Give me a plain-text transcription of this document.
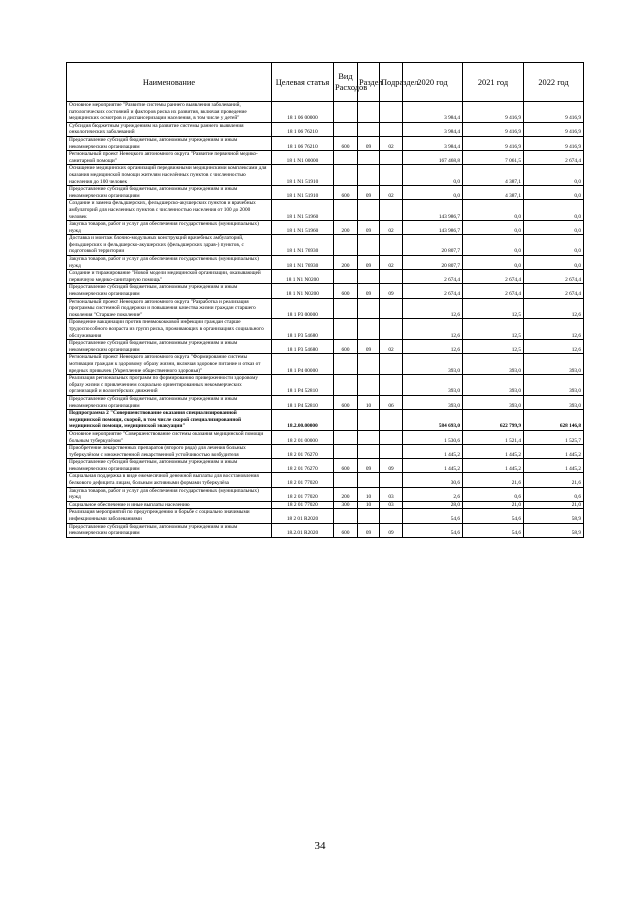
Наименование	Целевая статья	Вид Расходов	Раздел	Подраздел	2020 год	2021 год	2022 год
Основное мероприятие "Развитие системы раннего выявления заболеваний, патологических состояний и факторов риска их развития, включая проведение медицинских осмотров и диспансеризации населения, в том числе у детей"	18 1 06 00000				3 984,4	9 416,9	9 416,9
Субсидия бюджетным учреждениям на развитие системы раннего выявления онкологических заболеваний	18 1 06 76210				3 984,4	9 416,9	9 416,9
Предоставление субсидий бюджетным, автономным учреждениям и иным некоммерческим организациям	18 1 06 76210	600	09	02	3 984,4	9 416,9	9 416,9
Региональный проект Ненецкого автономного округа "Развитие первичной медико-санитарной помощи"	18 1 N1 00000				167 468,8	7 061,5	2 674,4
Оснащение медицинских организаций передвижными медицинскими комплексами для оказания медицинской помощи жителям населённых пунктов с численностью населения до 100 человек	18 1 N1 51910				0,0	4 387,1	0,0
Предоставление субсидий бюджетным, автономным учреждениям и иным некоммерческим организациям	18 1 N1 51910	600	09	02	0,0	4 387,1	0,0
Создание и замена фельдшерских, фельдшерско-акушерских пунктов и врачебных амбулаторий для населенных пунктов с численностью населения от 100 до 2000 человек	18 1 N1 51960				143 986,7	0,0	0,0
Закупка товаров, работ и услуг для обеспечения государственных (муниципальных) нужд	18 1 N1 51960	200	09	02	143 986,7	0,0	0,0
Доставка и монтаж блочно-модульных конструкций врачебных амбулаторий, фельдшерских и фельдшерско-акушерских (фельдшерских здрав-) пунктов, с подготовкой территории	18 1 N1 76930				20 807,7	0,0	0,0
Закупка товаров, работ и услуг для обеспечения государственных (муниципальных) нужд	18 1 N1 76930	200	09	02	20 807,7	0,0	0,0
Создание и тиражирование "Новой модели медицинской организации, оказывающей первичную медико-санитарную помощь"	18 1 N1 N0200				2 674,4	2 674,4	2 674,4
Предоставление субсидий бюджетным, автономным учреждениям и иным некоммерческим организациям	18 1 N1 N0200	600	09	09	2 674,4	2 674,4	2 674,4
Региональный проект Ненецкого автономного округа "Разработка и реализация программы системной поддержки и повышения качества жизни граждан старшего поколения "Старшее поколение"	18 1 P3 00000				12,6	12,5	12,6
Проведение вакцинации против пневмококковой инфекции граждан старше трудоспособного возраста из групп риска, проживающих в организациях социального обслуживания	18 1 P3 54680				12,6	12,5	12,6
Предоставление субсидий бюджетным, автономным учреждениям и иным некоммерческим организациям	18 1 P3 54680	600	09	02	12,6	12,5	12,6
Региональный проект Ненецкого автономного округа "Формирование системы мотивации граждан к здоровому образу жизни, включая здоровое питание и отказ от вредных привычек (Укрепление общественного здоровья)"	18 1 P4 00000				393,0	393,0	393,0
Реализация региональных программ по формированию приверженности здоровому образу жизни с привлечением социально ориентированных некоммерческих организаций и волонтёрских движений	18 1 P4 52810				393,0	393,0	393,0
Предоставление субсидий бюджетным, автономным учреждениям и иным некоммерческим организациям	18 1 P4 52810	600	10	06	393,0	393,0	393,0
Подпрограмма 2 "Совершенствование оказания специализированной медицинской помощи, скорой, в том числе скорой специализированной медицинской помощи, медицинской эвакуации"	18.2.00.00000				584 693,0	622 799,9	628 146,8
Основное мероприятие "Совершенствование системы оказания медицинской помощи больным туберкулёзом"	18 2 01 00000				1 530,6	1 521,4	1 525,7
Приобретение лекарственных препаратов (второго ряда) для лечения больных туберкулёзом с множественной лекарственной устойчивостью возбудителя	18 2 01 76270				1 445,2	1 445,2	1 445,2
Предоставление субсидий бюджетным, автономным учреждениям и иным некоммерческим организациям	18 2 01 76270	600	09	09	1 445,2	1 445,2	1 445,2
Социальная поддержка в виде ежемесячной денежной выплаты для восстановления белкового дефицита лицам, больным активными формами туберкулёза	18 2 01 77020				30,6	21,6	21,6
Закупка товаров, работ и услуг для обеспечения государственных (муниципальных) нужд	18 2 01 77020	200	10	03	2,6	0,6	0,6
Социальное обеспечение и иные выплаты населению	18 2 01 77020	300	10	03	28,0	21,0	21,0
Реализация мероприятий по предупреждению и борьбе с социально значимыми инфекционными заболеваниями	18 2 01 R2020				54,6	54,6	58,9
Предоставление субсидий бюджетным, автономным учреждениям и иным некоммерческим организациям	18.2.01 R2020	600	09	09	54,6	54,6	58,9
34
